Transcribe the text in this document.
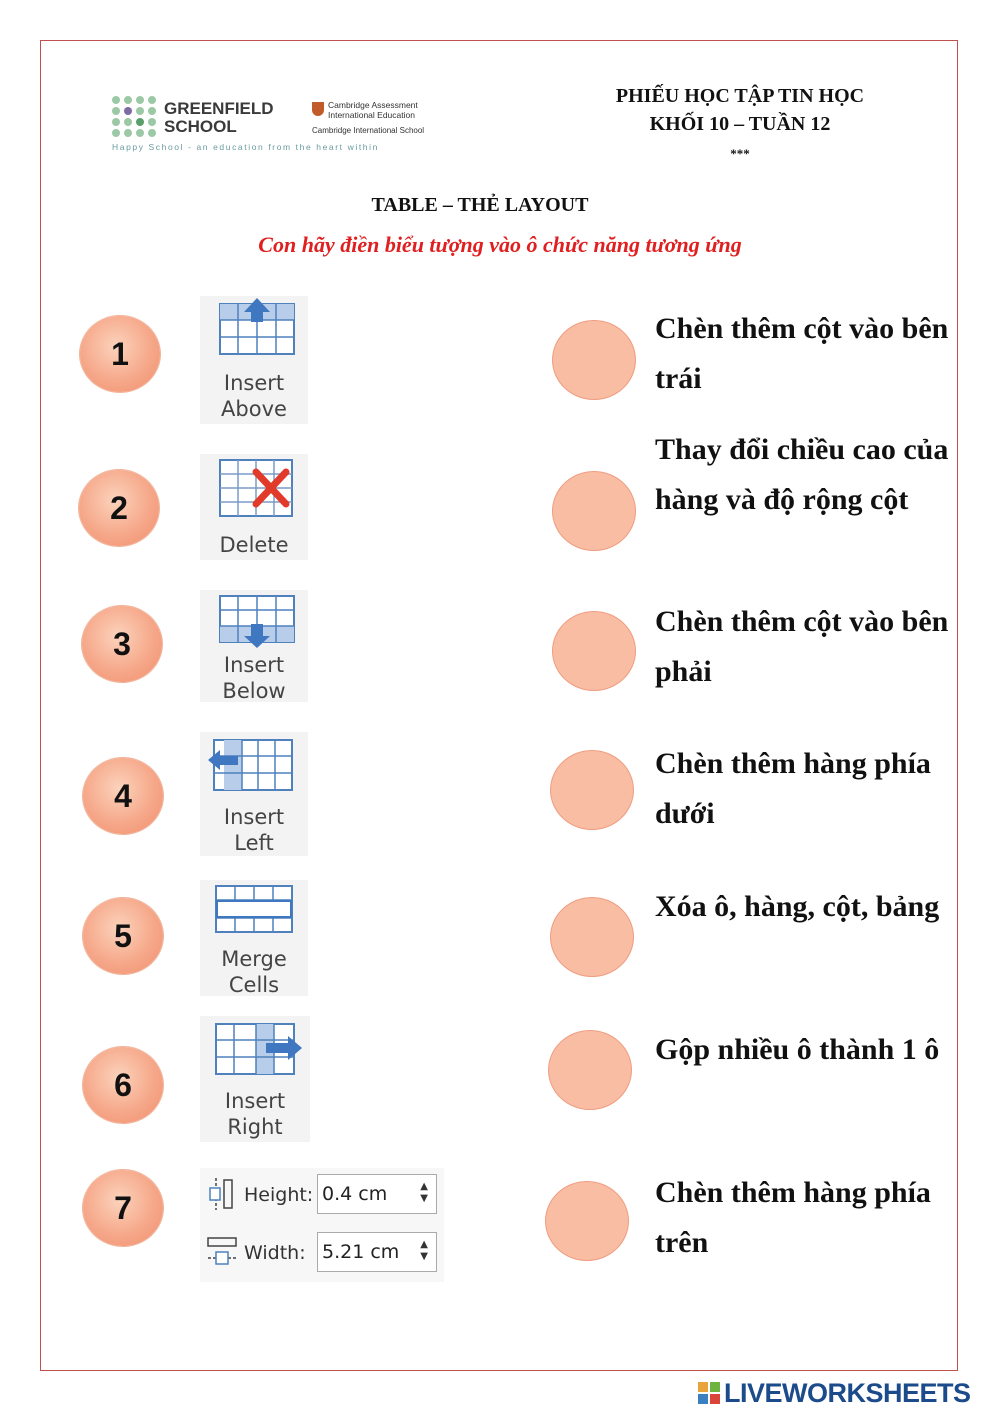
GREENFIELD
SCHOOL
Cambridge Assessment
International Education
Cambridge International School
Happy School - an education from the heart within
PHIẾU HỌC TẬP TIN HỌC
KHỐI 10 – TUẦN 12
***
TABLE – THẺ LAYOUT
Con hãy điền biểu tượng vào ô chức năng tương ứng
1
2
3
4
5
6
7
Insert
Above
Delete
Insert
Below
Insert
Left
Merge
Cells
Insert
Right
Height: 0.4 cm	▲
▼
Width: 5.21 cm ▲
▼
Chèn thêm cột vào bên trái
Thay đổi chiều cao của hàng và độ rộng cột
Chèn thêm cột vào bên phải
Chèn thêm hàng phía dưới
Xóa ô, hàng, cột, bảng
Gộp nhiều ô thành 1 ô
Chèn thêm hàng phía trên
LIVEWORKSHEETS
